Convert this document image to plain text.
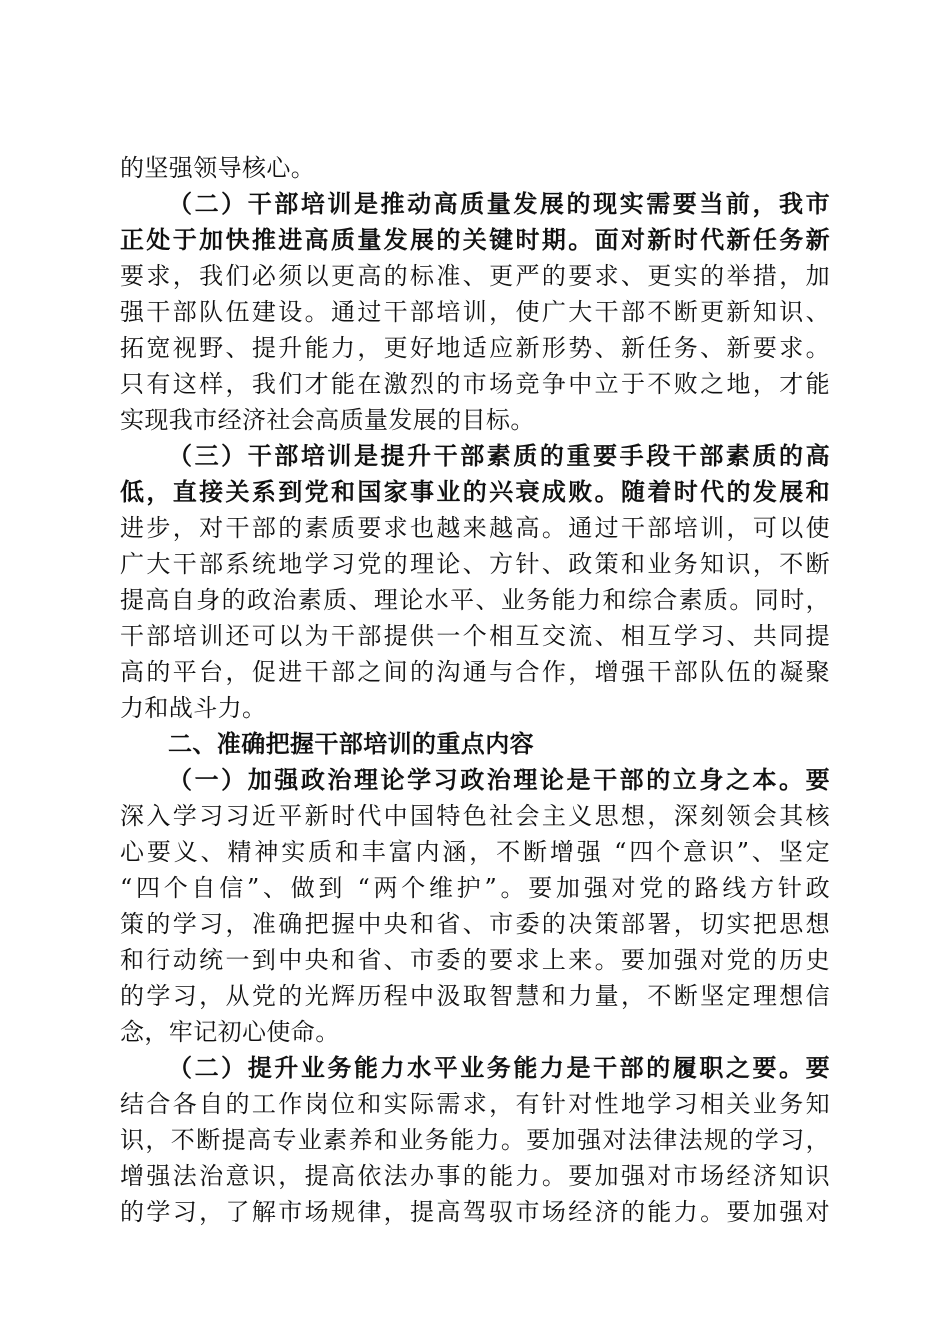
的坚强领导核心。
（二）干部培训是推动高质量发展的现实需要当前，我市
正处于加快推进高质量发展的关键时期。面对新时代新任务新
要求，我们必须以更高的标准、更严的要求、更实的举措，加
强干部队伍建设。通过干部培训，使广大干部不断更新知识、
拓宽视野、提升能力，更好地适应新形势、新任务、新要求。
只有这样，我们才能在激烈的市场竞争中立于不败之地，才能
实现我市经济社会高质量发展的目标。
（三）干部培训是提升干部素质的重要手段干部素质的高
低，直接关系到党和国家事业的兴衰成败。随着时代的发展和
进步，对干部的素质要求也越来越高。通过干部培训，可以使
广大干部系统地学习党的理论、方针、政策和业务知识，不断
提高自身的政治素质、理论水平、业务能力和综合素质。同时，
干部培训还可以为干部提供一个相互交流、相互学习、共同提
高的平台，促进干部之间的沟通与合作，增强干部队伍的凝聚
力和战斗力。
二、准确把握干部培训的重点内容
（一）加强政治理论学习政治理论是干部的立身之本。要
深入学习习近平新时代中国特色社会主义思想，深刻领会其核
心要义、精神实质和丰富内涵，不断增强 “四个意识”、坚定
“四个自信”、做到 “两个维护”。要加强对党的路线方针政
策的学习，准确把握中央和省、市委的决策部署，切实把思想
和行动统一到中央和省、市委的要求上来。要加强对党的历史
的学习，从党的光辉历程中汲取智慧和力量，不断坚定理想信
念，牢记初心使命。
（二）提升业务能力水平业务能力是干部的履职之要。要
结合各自的工作岗位和实际需求，有针对性地学习相关业务知
识，不断提高专业素养和业务能力。要加强对法律法规的学习，
增强法治意识，提高依法办事的能力。要加强对市场经济知识
的学习，了解市场规律，提高驾驭市场经济的能力。要加强对
